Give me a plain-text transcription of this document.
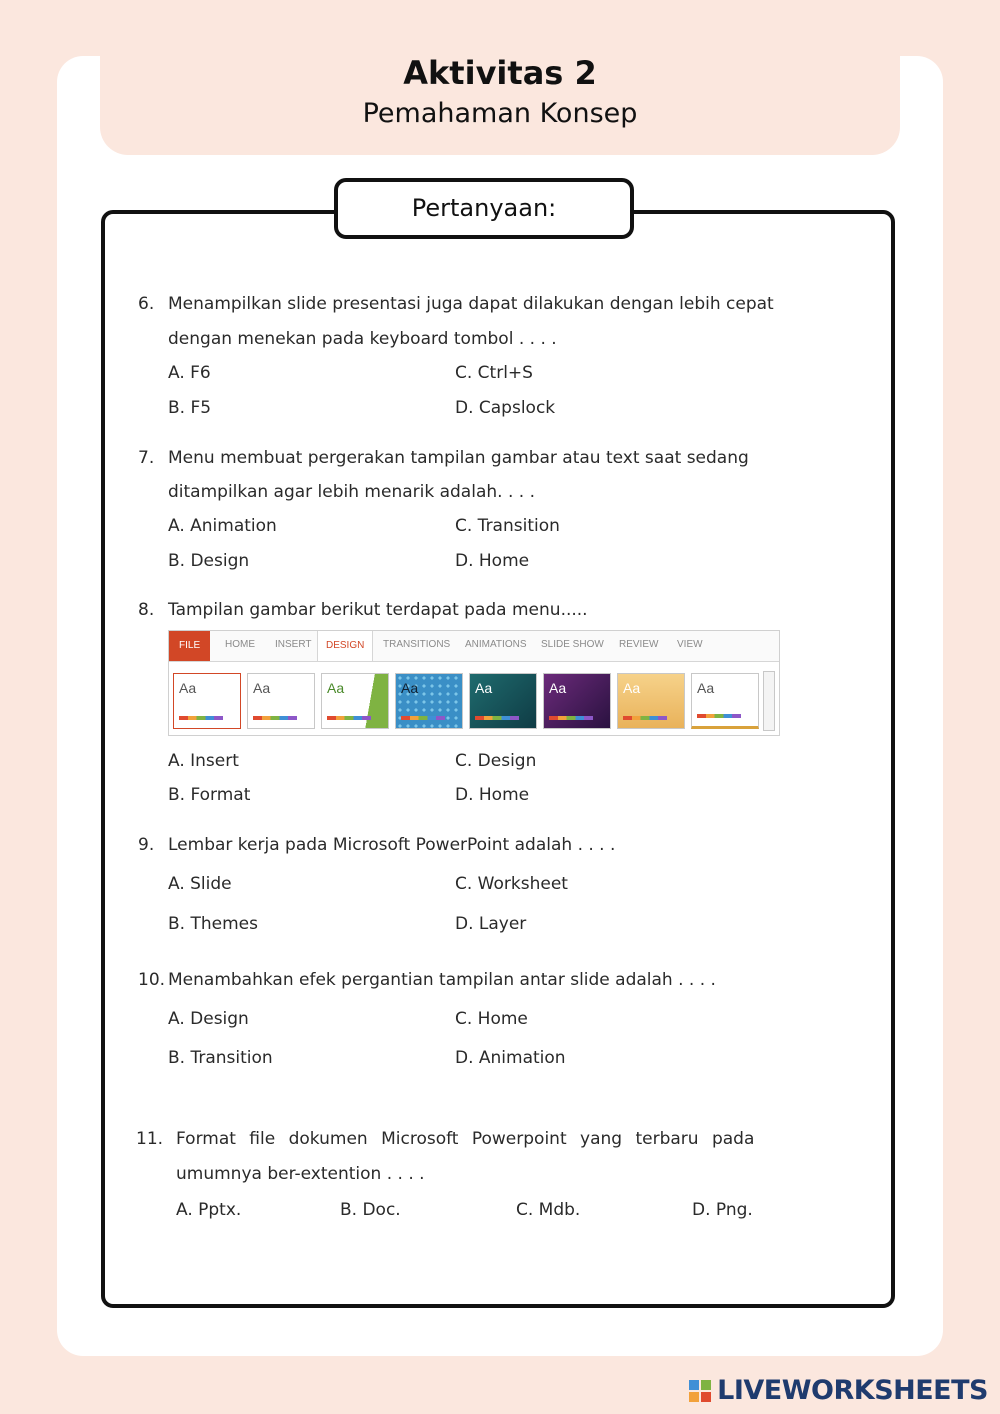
Aktivitas 2
Pemahaman Konsep
Pertanyaan:
6. Menampilkan slide presentasi juga dapat dilakukan dengan lebih cepat
dengan menekan pada keyboard tombol . . . .
A. F6	C. Ctrl+S
B. F5	D. Capslock
7. Menu membuat pergerakan tampilan gambar atau text saat sedang
ditampilkan agar lebih menarik adalah. . . .
A. Animation	C. Transition
B. Design	D. Home
8. Tampilan gambar berikut terdapat pada menu.....
FILE	HOME INSERT	DESIGN	TRANSITIONS ANIMATIONS SLIDE SHOW REVIEW VIEW
Aa	Aa	Aa	Aa	Aa	Aa	Aa	Aa
A. Insert	C. Design
B. Format	D. Home
9. Lembar kerja pada Microsoft PowerPoint adalah . . . .
A. Slide	C. Worksheet
B. Themes	D. Layer
10. Menambahkan efek pergantian tampilan antar slide adalah . . . .
A. Design	C. Home
B. Transition	D. Animation
11. Format file dokumen Microsoft Powerpoint yang terbaru pada
umumnya ber-extention . . . .
A. Pptx.	B. Doc.	C. Mdb.	D. Png.
LIVEWORKSHEETS
